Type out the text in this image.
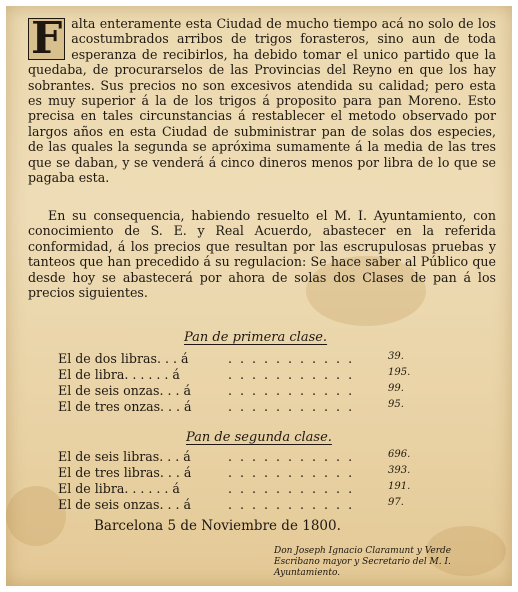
F alta enteramente esta Ciudad de mucho tiempo acá no solo de los acostumbrados arribos de trigos forasteros, sino aun de toda esperanza de recibirlos, ha debido tomar el unico partido que la quedaba, de procurarselos de las Provincias del Reyno en que los hay sobrantes. Sus precios no son excesivos atendida su calidad; pero esta es muy superior á la de los trigos á proposito para pan Moreno. Esto precisa en tales circunstancias á restablecer el metodo observado por largos años en esta Ciudad de subministrar pan de solas dos especies, de las quales la segunda se apróxima sumamente á la media de las tres que se daban, y se venderá á cinco dineros menos por libra de lo que se pagaba esta.

En su consequencia, habiendo resuelto el M. I. Ayuntamiento, con conocimiento de S. E. y Real Acuerdo, abastecer en la referida conformidad, á los precios que resultan por las escrupulosas pruebas y tanteos que han precedido á su regulacion: Se hace saber al Público que desde hoy se abastecerá por ahora de solas dos Clases de pan á los precios siguientes.

Pan de primera clase.
El de dos libras. . . á	. . . . . . . . . . .	39.
El de libra. . . . . . á	. . . . . . . . . . .	195.
El de seis onzas. . . á	. . . . . . . . . . .	99.
El de tres onzas. . . á	. . . . . . . . . . .	95.
Pan de segunda clase.
El de seis libras. . . á	. . . . . . . . . . .	696.
El de tres libras. . . á	. . . . . . . . . . .	393.
El de libra. . . . . . á	. . . . . . . . . . .	191.
El de seis onzas. . . á	. . . . . . . . . . .	97.
Barcelona 5 de Noviembre de 1800.
Don Joseph Ignacio Claramunt y Verde
Escribano mayor y Secretario del M. I.
Ayuntamiento.
